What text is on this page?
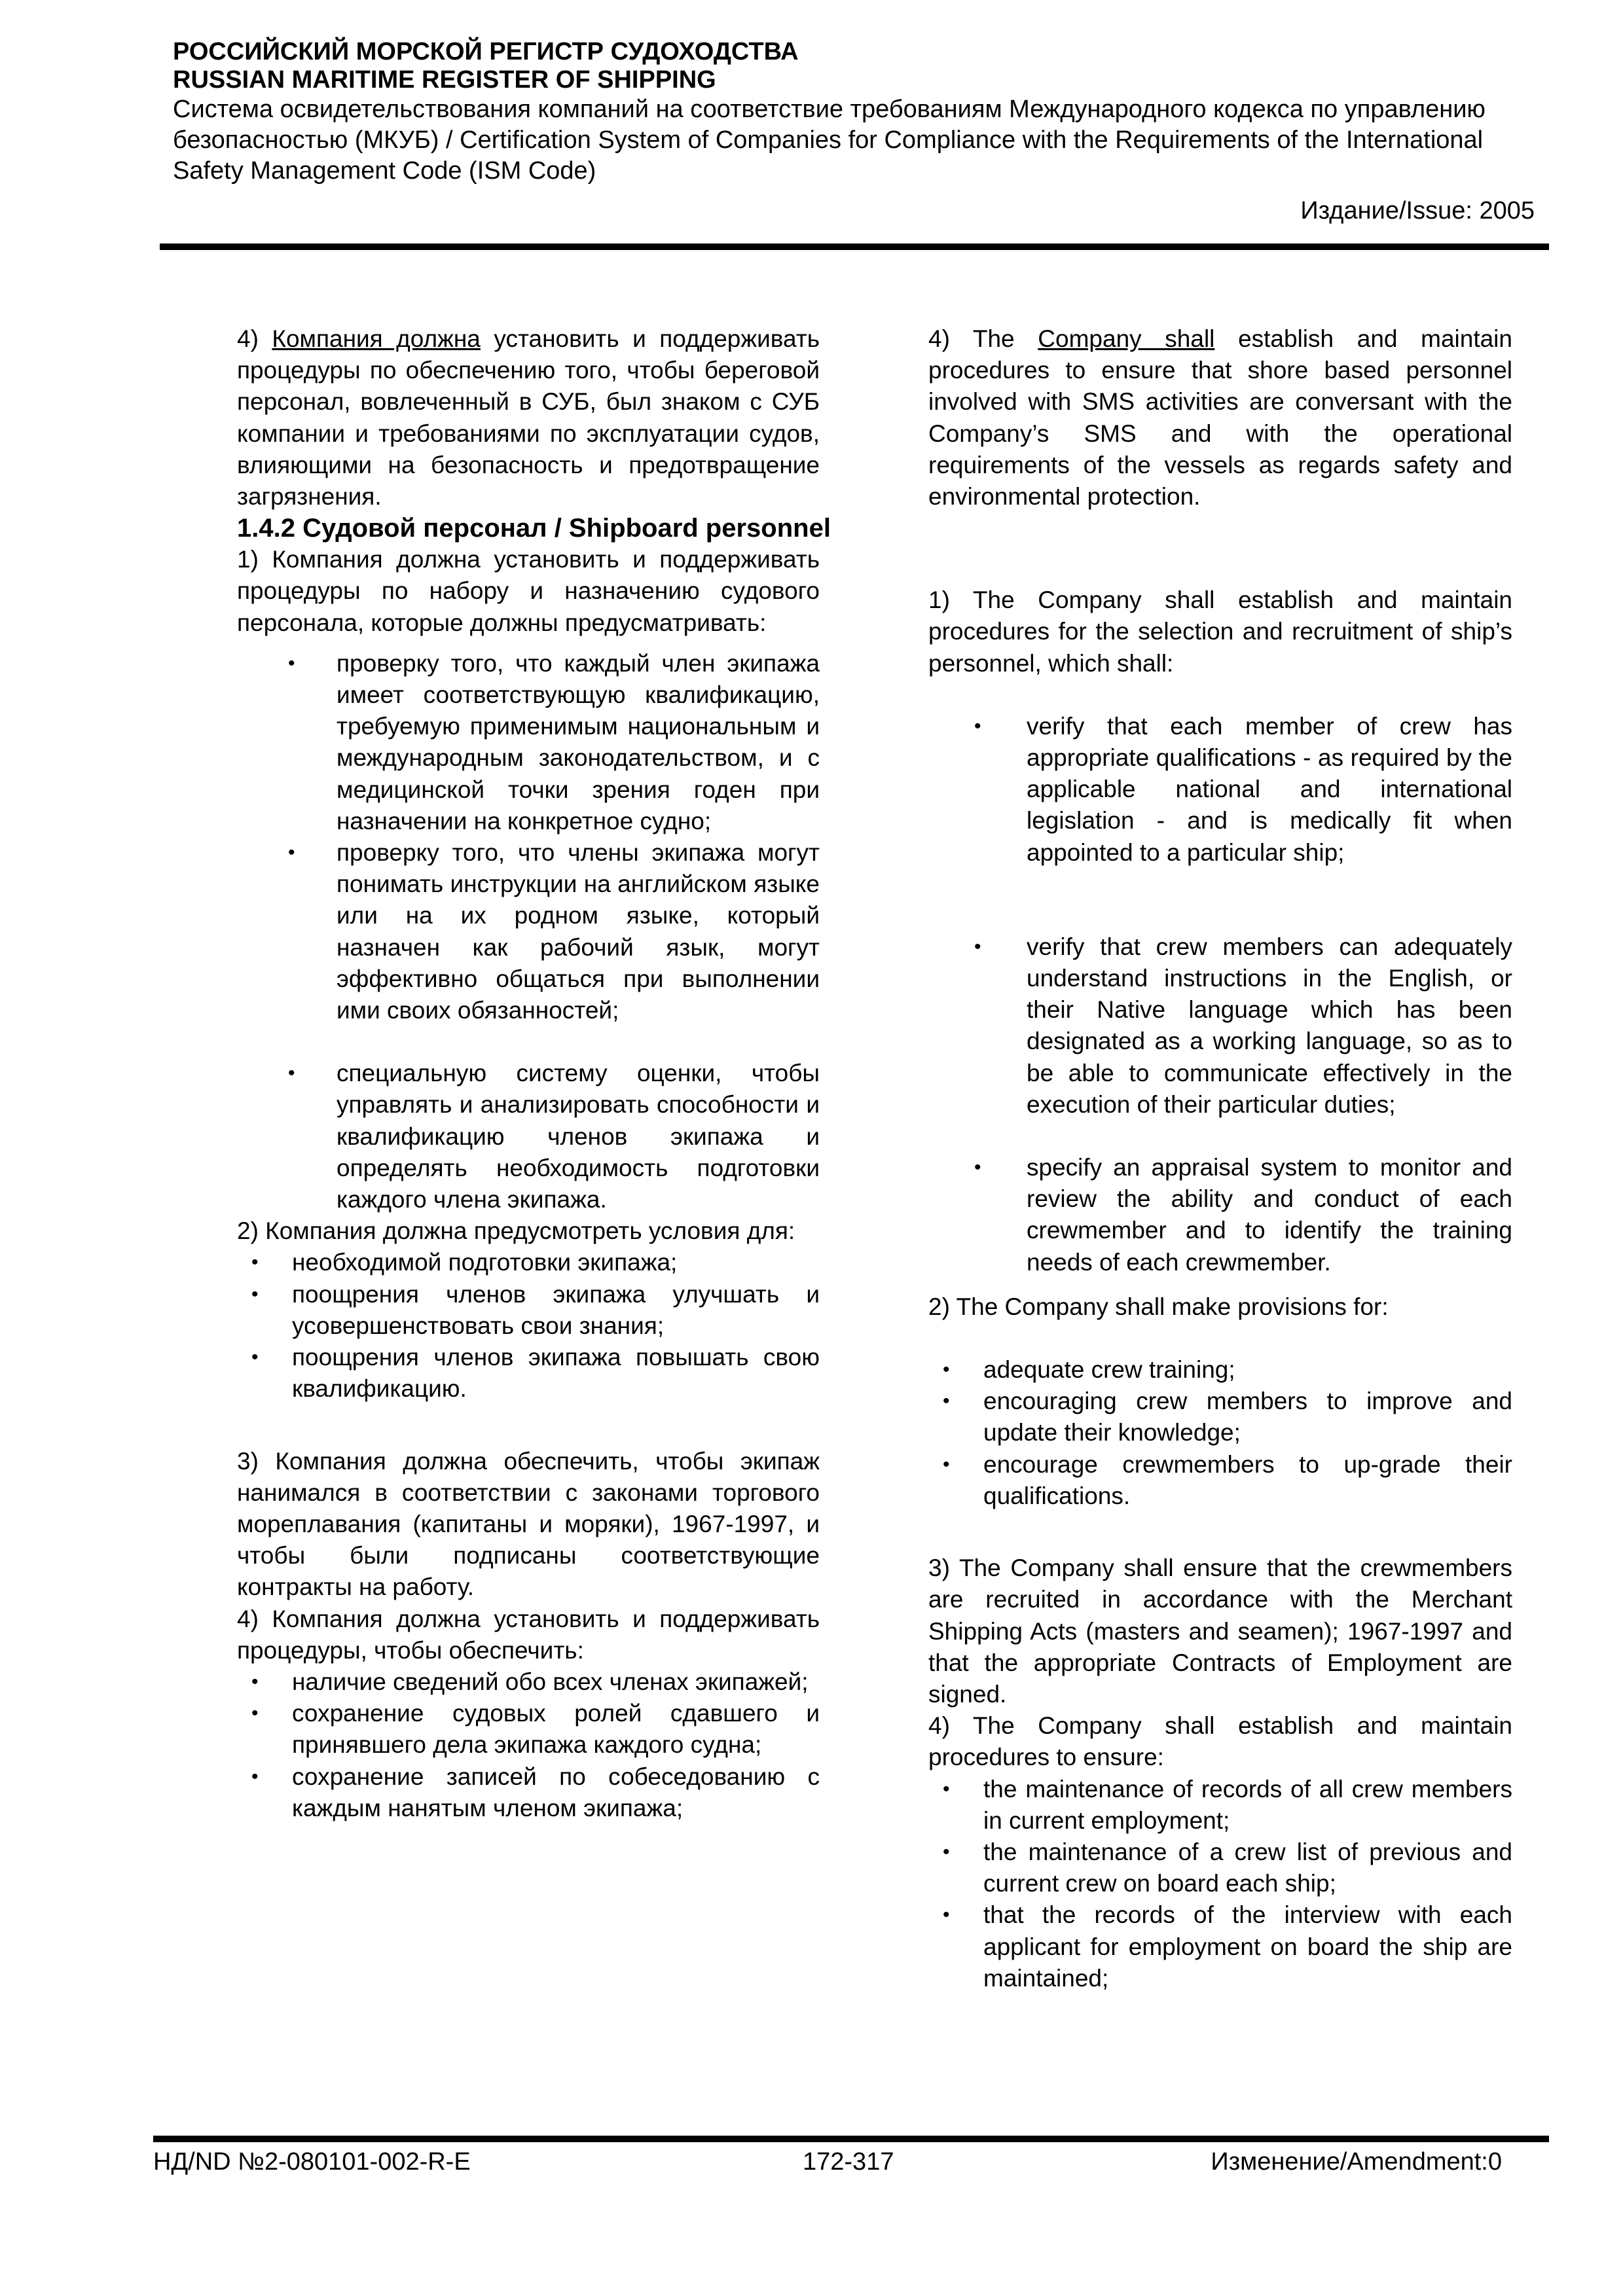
РОССИЙСКИЙ МОРСКОЙ РЕГИСТР СУДОХОДСТВА
RUSSIAN MARITIME REGISTER OF SHIPPING
Система освидетельствования компаний на соответствие требованиям Международного кодекса по управлению безопасностью (МКУБ) / Certification System of Companies for Compliance with the Requirements of the International Safety Management Code (ISM Code)
Издание/Issue: 2005

4) Компания должна установить и поддерживать процедуры по обеспечению того, чтобы береговой персонал, вовлеченный в СУБ, был знаком с СУБ компании и требованиями по эксплуатации судов, влияющими на безопасность и предотвращение загрязнения.

1.4.2 Судовой персонал / Shipboard personnel

1) Компания должна установить и поддерживать процедуры по набору и назначению судового персонала, которые должны предусматривать:

• проверку того, что каждый член экипажа имеет соответствующую квалификацию, требуемую применимым национальным и международным законодательством, и с медицинской точки зрения годен при назначении на конкретное судно;
• проверку того, что члены экипажа могут понимать инструкции на английском языке или на их родном языке, который назначен как рабочий язык, могут эффективно общаться при выполнении ими своих обязанностей;
• специальную систему оценки, чтобы управлять и анализировать способности и квалификацию членов экипажа и определять необходимость подготовки каждого члена экипажа.

2) Компания должна предусмотреть условия для:

• необходимой подготовки экипажа;
• поощрения членов экипажа улучшать и усовершенствовать свои знания;
• поощрения членов экипажа повышать свою квалификацию.

3) Компания должна обеспечить, чтобы экипаж нанимался в соответствии с законами торгового мореплавания (капитаны и моряки), 1967-1997, и чтобы были подписаны соответствующие контракты на работу.

4) Компания должна установить и поддерживать процедуры, чтобы обеспечить:

• наличие сведений обо всех членах экипажей;
• сохранение судовых ролей сдавшего и принявшего дела экипажа каждого судна;
• сохранение записей по собеседованию с каждым нанятым членом экипажа;

4) The Company shall establish and maintain procedures to ensure that shore based personnel involved with SMS activities are conversant with the Company’s SMS and with the operational requirements of the vessels as regards safety and environmental protection.

1) The Company shall establish and maintain procedures for the selection and recruitment of ship’s personnel, which shall:

• verify that each member of crew has appropriate qualifications - as required by the applicable national and international legislation - and is medically fit when appointed to a particular ship;
• verify that crew members can adequately understand instructions in the English, or their Native language which has been designated as a working language, so as to be able to communicate effectively in the execution of their particular duties;
• specify an appraisal system to monitor and review the ability and conduct of each crewmember and to identify the training needs of each crewmember.

2) The Company shall make provisions for:

• adequate crew training;
• encouraging crew members to improve and update their knowledge;
• encourage crewmembers to up-grade their qualifications.

3) The Company shall ensure that the crewmembers are recruited in accordance with the Merchant Shipping Acts (masters and seamen); 1967-1997 and that the appropriate Contracts of Employment are signed.

4) The Company shall establish and maintain procedures to ensure:

• the maintenance of records of all crew members in current employment;
• the maintenance of a crew list of previous and current crew on board each ship;
• that the records of the interview with each applicant for employment on board the ship are maintained;
НД/ND №2-080101-002-R-E	172-317	Изменение/Amendment:0
